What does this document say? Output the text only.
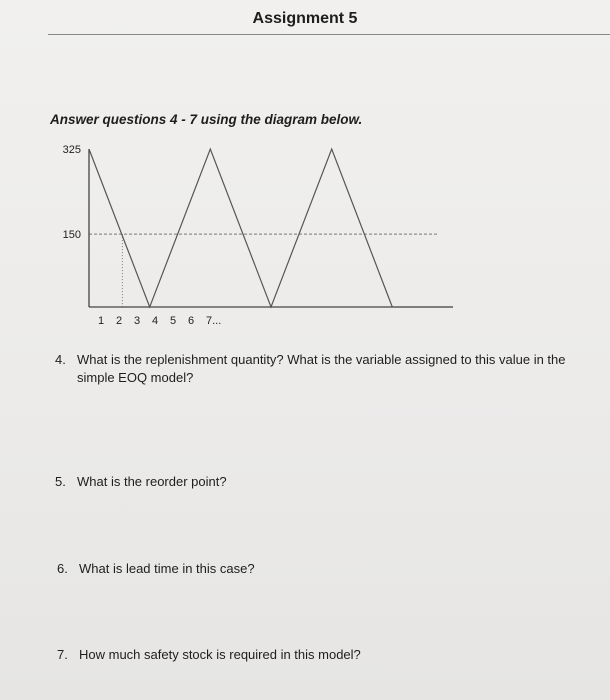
Assignment 5
Answer questions 4 - 7 using the diagram below.
325
150
1 2 3 4 5 6 7...
4. What is the replenishment quantity? What is the variable assigned to this value in the simple EOQ model?
5. What is the reorder point?
6. What is lead time in this case?
7. How much safety stock is required in this model?
